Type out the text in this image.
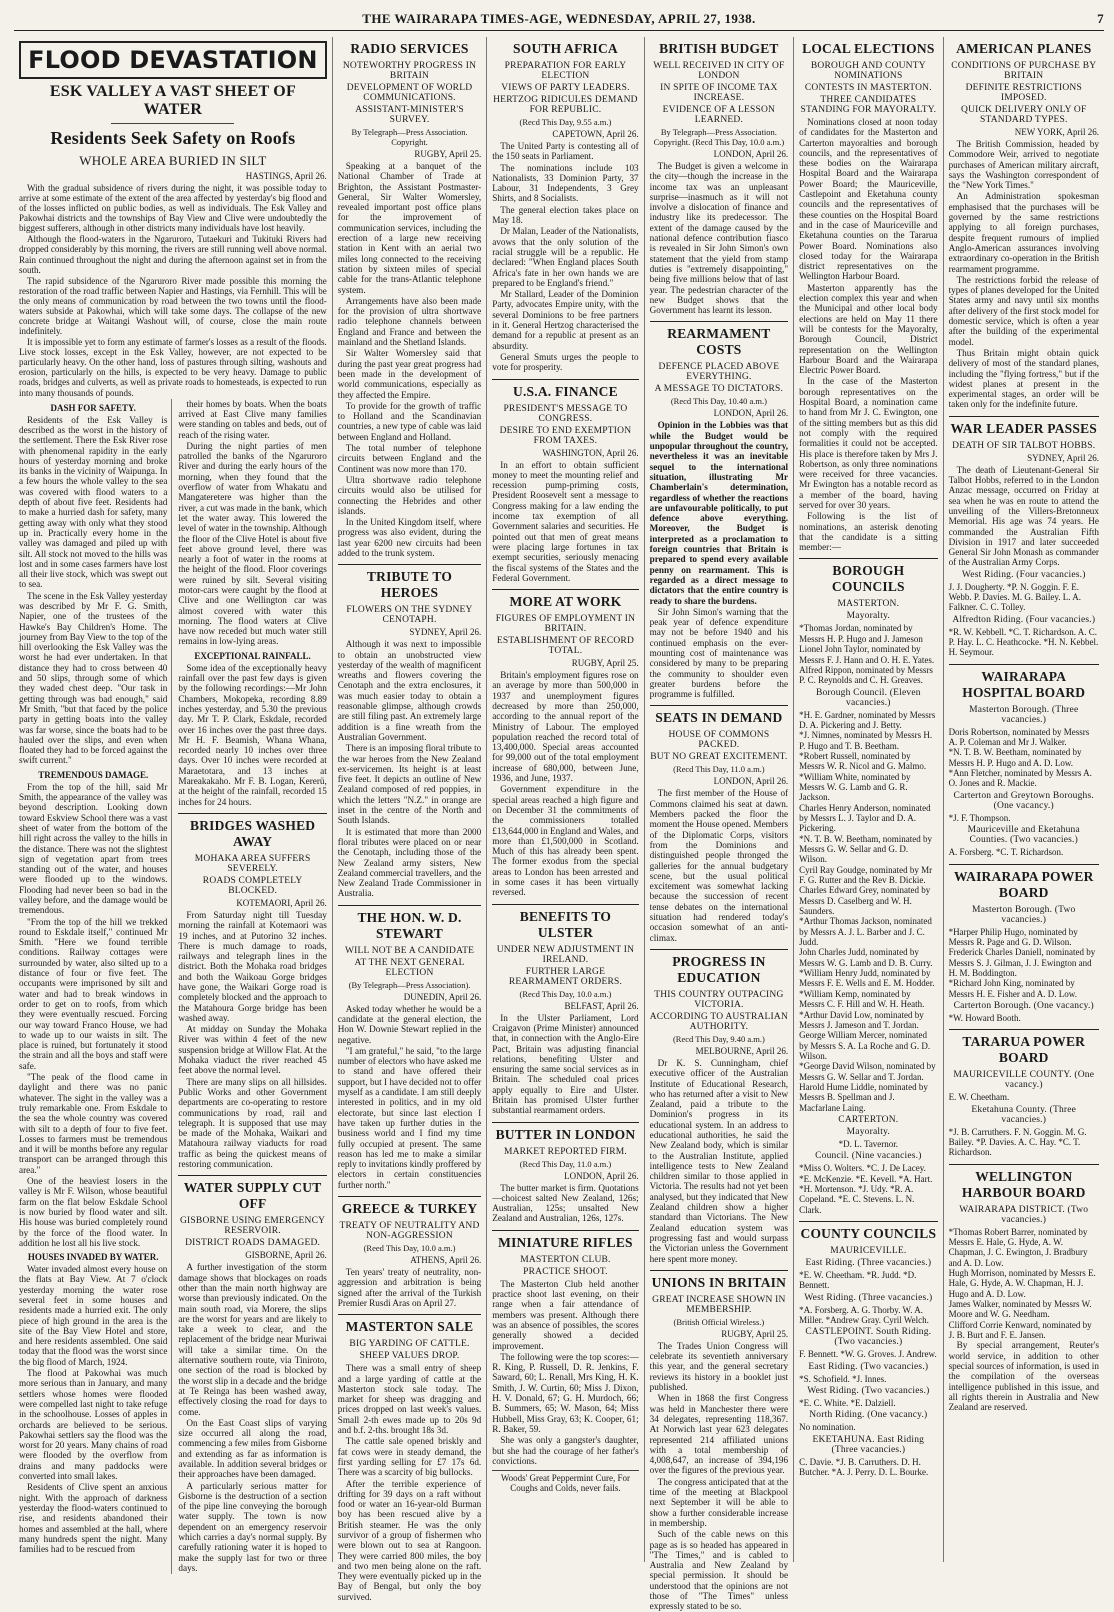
THE WAIRARAPA TIMES-AGE, WEDNESDAY, APRIL 27, 1938.	7
FLOOD DEVASTATION
ESK VALLEY A VAST SHEET OF WATER
Residents Seek Safety on Roofs
WHOLE AREA BURIED IN SILT
HASTINGS, April 26.

With the gradual subsidence of rivers during the night, it was possible today to arrive at some estimate of the extent of the area affected by yesterday's big flood and of the losses inflicted on public bodies, as well as individuals. The Esk Valley and Pakowhai districts and the townships of Bay View and Clive were undoubtedly the biggest sufferers, although in other districts many individuals have lost heavily.

Although the flood-waters in the Ngaruroro, Tutaekuri and Tukituki Rivers had dropped considerably by this morning, the rivers are still running well above normal. Rain continued throughout the night and during the afternoon against set in from the south.

The rapid subsidence of the Ngaruroro River made possible this morning the restoration of the road traffic between Napier and Hastings, via Fernhill. This will be the only means of communication by road between the two towns until the flood-waters subside at Pakowhai, which will take some days. The collapse of the new concrete bridge at Waitangi Washout will, of course, close the main route indefinitely.

It is impossible yet to form any estimate of farmer's losses as a result of the floods. Live stock losses, except in the Esk Valley, however, are not expected to be particularly heavy. On the other hand, loss of pastures through silting, washouts and erosion, particularly on the hills, is expected to be very heavy. Damage to public roads, bridges and culverts, as well as private roads to homesteads, is expected to run into many thousands of pounds.

DASH FOR SAFETY.

Residents of the Esk Valley is described as the worst in the history of the settlement. There the Esk River rose with phenomenal rapidity in the early hours of yesterday morning and broke its banks in the vicinity of Waipunga. In a few hours the whole valley to the sea was covered with flood waters to a depth of about five feet. Residents had to make a hurried dash for safety, many getting away with only what they stood up in. Practically every home in the valley was damaged and piled up with silt. All stock not moved to the hills was lost and in some cases farmers have lost all their live stock, which was swept out to sea.

The scene in the Esk Valley yesterday was described by Mr F. G. Smith, Napier, one of the trustees of the Hawke's Bay Children's Home. The journey from Bay View to the top of the hill overlooking the Esk Valley was the worst he had ever undertaken. In that distance they had to cross between 40 and 50 slips, through some of which they waded chest deep. "Our task in getting through was bad enough," said Mr Smith, "but that faced by the police party in getting boats into the valley was far worse, since the boats had to be hauled over the slips, and even when floated they had to be forced against the swift current."

TREMENDOUS DAMAGE.

From the top of the hill, said Mr Smith, the appearance of the valley was beyond description. Looking down toward Eskview School there was a vast sheet of water from the bottom of the hill right across the valley to the hills in the distance. There was not the slightest sign of vegetation apart from trees standing out of the water, and houses were flooded up to the windows. Flooding had never been so bad in the valley before, and the damage would be tremendous.

"From the top of the hill we trekked round to Eskdale itself," continued Mr Smith. "Here we found terrible conditions. Railway cottages were surrounded by water, also silted up to a distance of four or five feet. The occupants were imprisoned by silt and water and had to break windows in order to get on to roofs, from which they were eventually rescued. Forcing our way toward Franco House, we had to wade up to our waists in silt. The place is ruined, but fortunately it stood the strain and all the boys and staff were safe.

"The peak of the flood came in daylight and there was no panic whatever. The sight in the valley was a truly remarkable one. From Eskdale to the sea the whole country was covered with silt to a depth of four to five feet. Losses to farmers must be tremendous and it will be months before any regular transport can be arranged through this area."

One of the heaviest losers in the valley is Mr F. Wilson, whose beautiful farm on the flat below Eskdale School is now buried by flood water and silt. His house was buried completely round by the force of the flood water. In addition he lost all his live stock.

HOUSES INVADED BY WATER.

Water invaded almost every house on the flats at Bay View. At 7 o'clock yesterday morning the water rose several feet in some houses and residents made a hurried exit. The only piece of high ground in the area is the site of the Bay View Hotel and store, and here residents assembled. One said today that the flood was the worst since the big flood of March, 1924.

The flood at Pakowhai was much more serious than in January, and many settlers whose homes were flooded were compelled last night to take refuge in the schoolhouse. Losses of apples in orchards are believed to be serious. Pakowhai settlers say the flood was the worst for 20 years. Many chains of road were flooded by the overflow from drains and many paddocks were converted into small lakes.

Residents of Clive spent an anxious night. With the approach of darkness yesterday the flood-waters continued to rise, and residents abandoned their homes and assembled at the hall, where many hundreds spent the night. Many families had to be rescued from

their homes by boats. When the boats arrived at East Clive many families were standing on tables and beds, out of reach of the rising water.

During the night parties of men patrolled the banks of the Ngaruroro River and during the early hours of the morning, when they found that the overflow of water from Whakatu and Mangateretere was higher than the river, a cut was made in the bank, which let the water away. This lowered the level of water in the township. Although the floor of the Clive Hotel is about five feet above ground level, there was nearly a foot of water in the rooms at the height of the flood. Floor coverings were ruined by silt. Several visiting motor-cars were caught by the flood at Clive and one Wellington car was almost covered with water this morning. The flood waters at Clive have now receded but much water still remains in low-lying areas.

EXCEPTIONAL RAINFALL.

Some idea of the exceptionally heavy rainfall over the past few days is given by the following recordings:—Mr John Chambers, Mokopeka, recording 8.89 inches yesterday, and 5.30 the previous day. Mr T. P. Clark, Eskdale, recorded over 16 inches over the past three days. Mr H. F. Beamish, Whana Whana, recorded nearly 10 inches over three days. Over 10 inches were recorded at Maraetotara, and 13 inches at Mareakakaho. Mr F. B. Logan, Kererü, at the height of the rainfall, recorded 15 inches for 24 hours.

BRIDGES WASHED AWAY
MOHAKA AREA SUFFERS SEVERELY.
ROADS COMPLETELY BLOCKED.
KOTEMAORI, April 26.

From Saturday night till Tuesday morning the rainfall at Kotemaori was 19 inches, and at Putorino 32 inches. There is much damage to roads, railways and telegraph lines in the district. Both the Mohaka road bridges and both the Waikoau Gorge bridges have gone, the Waikari Gorge road is completely blocked and the approach to the Matahoura Gorge bridge has been washed away.

At midday on Sunday the Mohaka River was within 4 feet of the new suspension bridge at Willow Flat. At the Mohaka viaduct the river reached 45 feet above the normal level.

There are many slips on all hillsides. Public Works and other Government departments are co-operating to restore communications by road, rail and telegraph. It is supposed that use may be made of the Mohaka, Waikari and Matahoura railway viaducts for road traffic as being the quickest means of restoring communication.

WATER SUPPLY CUT OFF
GISBORNE USING EMERGENCY RESERVOIR.
DISTRICT ROADS DAMAGED.
GISBORNE, April 26.

A further investigation of the storm damage shows that blockages on roads other than the main north highway are worse than previously indicated. On the main south road, via Morere, the slips are the worst for years and are likely to take a week to clear, and the replacement of the bridge near Muriwai will take a similar time. On the alternative southern route, via Tiniroto, one section of the road is blocked by the worst slip in a decade and the bridge at Te Reinga has been washed away, effectively closing the road for days to come.

On the East Coast slips of varying size occurred all along the road, commencing a few miles from Gisborne and extending as far as information is available. In addition several bridges or their approaches have been damaged.

A particularly serious matter for Gisborne is the destruction of a section of the pipe line conveying the borough water supply. The town is now dependent on an emergency reservoir which carries a day's normal supply. By carefully rationing water it is hoped to make the supply last for two or three days.

RADIO SERVICES
NOTEWORTHY PROGRESS IN BRITAIN
DEVELOPMENT OF WORLD COMMUNICATIONS.
ASSISTANT-MINISTER'S SURVEY.
By Telegraph—Press Association. Copyright.
RUGBY, April 25.

Speaking at a banquet of the National Chamber of Trade at Brighton, the Assistant Postmaster-General, Sir Walter Womersley, revealed important post office plans for the improvement of communication services, including the erection of a large new receiving station in Kent with an aerial two miles long connected to the receiving station by sixteen miles of special cable for the trans-Atlantic telephone system.

Arrangements have also been made for the provision of ultra shortwave radio telephone channels between England and France and between the mainland and the Shetland Islands.

Sir Walter Womersley said that during the past year great progress had been made in the development of world communications, especially as they affected the Empire.

To provide for the growth of traffic to Holland and the Scandinavian countries, a new type of cable was laid between England and Holland.

The total number of telephone circuits between England and the Continent was now more than 170.

Ultra shortwave radio telephone circuits would also be utilised for connecting the Hebrides and other islands.

In the United Kingdom itself, where progress was also evident, during the last year 6200 new circuits had been added to the trunk system.

TRIBUTE TO HEROES
FLOWERS ON THE SYDNEY CENOTAPH.
SYDNEY, April 26.

Although it was next to impossible to obtain an unobstructed view yesterday of the wealth of magnificent wreaths and flowers covering the Cenotaph and the extra enclosures, it was much easier today to obtain a reasonable glimpse, although crowds are still filing past. An extremely large addition is a fine wreath from the Australian Government.

There is an imposing floral tribute to the war heroes from the New Zealand ex-servicemen. Its height is at least five feet. It depicts an outline of New Zealand composed of red poppies, in which the letters "N.Z." in orange are inset in the centre of the North and South Islands.

It is estimated that more than 2000 floral tributes were placed on or near the Cenotaph, including those of the New Zealand army sisters, New Zealand commercial travellers, and the New Zealand Trade Commissioner in Australia.

THE HON. W. D. STEWART
WILL NOT BE A CANDIDATE
AT THE NEXT GENERAL ELECTION
(By Telegraph—Press Association).
DUNEDIN, April 26.

Asked today whether he would be a candidate at the general election, the Hon W. Downie Stewart replied in the negative.

"I am grateful," he said, "to the large number of electors who have asked me to stand and have offered their support, but I have decided not to offer myself as a candidate. I am still deeply interested in politics, and in my old electorate, but since last election I have taken up further duties in the business world and I find my time fully occupied at present. The same reason has led me to make a similar reply to invitations kindly proffered by electors in certain constituencies further north."

GREECE & TURKEY
TREATY OF NEUTRALITY AND NON-AGGRESSION
(Reed This Day, 10.0 a.m.)
ATHENS, April 26.

Ten years' treaty of neutrality, non-aggression and arbitration is being signed after the arrival of the Turkish Premier Rusdi Aras on April 27.

MASTERTON SALE
BIG YARDING OF CATTLE.
SHEEP VALUES DROP.

There was a small entry of sheep and a large yarding of cattle at the Masterton stock sale today. The market for sheep was dragging and prices dropped on last week's values. Small 2-th ewes made up to 20s 9d and b.f. 2-ths. brought 18s 3d.

The cattle sale opened briskly and fat cows were in steady demand, the first yarding selling for £7 17s 6d. There was a scarcity of big bullocks.

After the terrible experience of drifting for 39 days on a raft without food or water an 16-year-old Burman boy has been rescued alive by a British steamer. He was the only survivor of a group of fishermen who were blown out to sea at Rangoon. They were carried 800 miles, the boy and two men being alone on the raft. They were eventually picked up in the Bay of Bengal, but only the boy survived.

SOUTH AFRICA
PREPARATION FOR EARLY ELECTION
VIEWS OF PARTY LEADERS.
HERTZOG RIDICULES DEMAND FOR REPUBLIC.
(Recd This Day, 9.55 a.m.)
CAPETOWN, April 26.

The United Party is contesting all of the 150 seats in Parliament.

The nominations include 103 Nationalists, 33 Dominion Party, 37 Labour, 31 Independents, 3 Grey Shirts, and 8 Socialists.

The general election takes place on May 18.

Dr Malan, Leader of the Nationalists, avows that the only solution of the racial struggle will be a republic. He declared: "When England places South Africa's fate in her own hands we are prepared to be England's friend."

Mr Stallard, Leader of the Dominion Party, advocates Empire unity, with the several Dominions to be free partners in it. General Hertzog characterised the demand for a republic at present as an absurdity.

General Smuts urges the people to vote for prosperity.

U.S.A. FINANCE
PRESIDENT'S MESSAGE TO CONGRESS.
DESIRE TO END EXEMPTION FROM TAXES.
WASHINGTON, April 26.

In an effort to obtain sufficient money to meet the mounting relief and recession pump-priming costs, President Roosevelt sent a message to Congress making for a law ending the income tax exemption of all Government salaries and securities. He pointed out that men of great means were placing large fortunes in tax exempt securities, seriously menacing the fiscal systems of the States and the Federal Government.

MORE AT WORK
FIGURES OF EMPLOYMENT IN BRITAIN.
ESTABLISHMENT OF RECORD TOTAL.
RUGBY, April 25.

Britain's employment figures rose on an average by more than 500,000 in 1937 and unemployment figures decreased by more than 250,000, according to the annual report of the Ministry of Labour. The employed population reached the record total of 13,400,000. Special areas accounted for 99,000 out of the total employment increase of 680,000, between June, 1936, and June, 1937.

Government expenditure in the special areas reached a high figure and on December 31 the commitments of the commissioners totalled £13,644,000 in England and Wales, and more than £1,500,000 in Scotland. Much of this has already been spent. The former exodus from the special areas to London has been arrested and in some cases it has been virtually reversed.

BENEFITS TO ULSTER
UNDER NEW ADJUSTMENT IN IRELAND.
FURTHER LARGE REARMAMENT ORDERS.
(Recd This Day, 10.0 a.m.)
BELFAST, April 26.

In the Ulster Parliament, Lord Craigavon (Prime Minister) announced that, in connection with the Anglo-Eire Pact, Britain was adjusting financial relations, benefiting Ulster and ensuring the same social services as in Britain. The scheduled coal prices apply equally to Eire and Ulster. Britain has promised Ulster further substantial rearmament orders.

BUTTER IN LONDON
MARKET REPORTED FIRM.
(Recd This Day, 11.0 a.m.)
LONDON, April 26.

The butter market is firm. Quotations—choicest salted New Zealand, 126s; Australian, 125s; unsalted New Zealand and Australian, 126s, 127s.

MINIATURE RIFLES
MASTERTON CLUB.
PRACTICE SHOOT.

The Masterton Club held another practice shoot last evening, on their range when a fair attendance of members was present. Although there was an absence of possibles, the scores generally showed a decided improvement.

The following were the top scores:—R. King, P. Russell, D. R. Jenkins, F. Saward, 60; L. Renall, Mrs King, H. K. Smith, J. W. Curtin, 60; Miss J. Dixon, H. V. Donald, 67; G. H. Murdoch, 66; B. Summers, 65; W. Mason, 64; Miss Hubbell, Miss Gray, 63; K. Cooper, 61; R. Baker, 59.

She was only a gangster's daughter, but she had the courage of her father's convictions.

Woods' Great Peppermint Cure, For Coughs and Colds, never fails.
BRITISH BUDGET
WELL RECEIVED IN CITY OF LONDON
IN SPITE OF INCOME TAX INCREASE.
EVIDENCE OF A LESSON LEARNED.
By Telegraph—Press Association. Copyright. (Recd This Day, 10.0 a.m.)
LONDON, April 26.

The Budget is given a welcome in the city—though the increase in the income tax was an unpleasant surprise—inasmuch as it will not involve a dislocation of finance and industry like its predecessor. The extent of the damage caused by the national defence contribution fiasco is revealed in Sir John Simon's own statement that the yield from stamp duties is "extremely disappointing," being five millions below that of last year. The pedestrian character of the new Budget shows that the Government has learnt its lesson.

REARMAMENT COSTS
DEFENCE PLACED ABOVE EVERYTHING.
A MESSAGE TO DICTATORS.
(Recd This Day, 10.40 a.m.)
LONDON, April 26.

Opinion in the Lobbies was that while the Budget would be unpopular throughout the country, nevertheless it was an inevitable sequel to the international situation, illustrating Mr Chamberlain's determination, regardless of whether the reactions are unfavourable politically, to put defence above everything. Moreover, the Budget is interpreted as a proclamation to foreign countries that Britain is prepared to spend every available penny on rearmament. This is regarded as a direct message to dictators that the entire country is ready to share the burdens.

Sir John Simon's warning that the peak year of defence expenditure may not be before 1940 and his continued emphasis on the ever-mounting cost of maintenance was considered by many to be preparing the community to shoulder even greater burdens before the programme is fulfilled.

SEATS IN DEMAND
HOUSE OF COMMONS PACKED.
BUT NO GREAT EXCITEMENT.
(Recd This Day, 11.0 a.m.)
LONDON, April 26.

The first member of the House of Commons claimed his seat at dawn. Members packed the floor the moment the House opened. Members of the Diplomatic Corps, visitors from the Dominions and distinguished people thronged the galleries for the annual budgetary scene, but the usual political excitement was somewhat lacking because the succession of recent tense debates on the international situation had rendered today's occasion somewhat of an anti-climax.

PROGRESS IN EDUCATION
THIS COUNTRY OUTPACING VICTORIA.
ACCORDING TO AUSTRALIAN AUTHORITY.
(Recd This Day, 9.40 a.m.)
MELBOURNE, April 26.

Dr K. S. Cunningham, chief executive officer of the Australian Institute of Educational Research, who has returned after a visit to New Zealand, paid a tribute to the Dominion's progress in its educational system. In an address to educational authorities, he said the New Zealand body, which is similar to the Australian Institute, applied intelligence tests to New Zealand children similar to those applied in Victoria. The results had not yet been analysed, but they indicated that New Zealand children show a higher standard than Victorians. The New Zealand education system was progressing fast and would surpass the Victorian unless the Government here spent more money.

UNIONS IN BRITAIN
GREAT INCREASE SHOWN IN MEMBERSHIP.
(British Official Wireless.)
RUGBY, April 25.

The Trades Union Congress will celebrate its seventieth anniversary this year, and the general secretary reviews its history in a booklet just published.

When in 1868 the first Congress was held in Manchester there were 34 delegates, representing 118,367. At Norwich last year 623 delegates represented 214 affiliated unions with a total membership of 4,008,647, an increase of 394,196 over the figures of the previous year.

The congress anticipated that at the time of the meeting at Blackpool next September it will be able to show a further considerable increase in membership.

Such of the cable news on this page as is so headed has appeared in "The Times," and is cabled to Australia and New Zealand by special permission. It should be understood that the opinions are not those of "The Times" unless expressly stated to be so.

LOCAL ELECTIONS
BOROUGH AND COUNTY NOMINATIONS
CONTESTS IN MASTERTON.
THREE CANDIDATES STANDING FOR MAYORALTY.

Nominations closed at noon today of candidates for the Masterton and Carterton mayoralties and borough councils, and the representatives of these bodies on the Wairarapa Hospital Board and the Wairarapa Power Board; the Mauriceville, Castlepoint and Eketahuna county councils and the representatives of these counties on the Hospital Board and in the case of Mauriceville and Eketahuna counties on the Tararua Power Board. Nominations also closed today for the Wairarapa district representatives on the Wellington Harbour Board.

Masterton apparently has the election complex this year and when the Municipal and other local body elections are held on May 11 there will be contests for the Mayoralty, Borough Council, District representation on the Wellington Harbour Board and the Wairarapa Electric Power Board.

In the case of the Masterton borough representatives on the Hospital Board, a nomination came to hand from Mr J. C. Ewington, one of the sitting members but as this did not comply with the required formalities it could not be accepted. His place is therefore taken by Mrs J. Robertson, as only three nominations were received for three vacancies. Mr Ewington has a notable record as a member of the board, having served for over 30 years.

Following is the list of nominations, an asterisk denoting that the candidate is a sitting member:—

BOROUGH COUNCILS
MASTERTON.
Mayoralty.

*Thomas Jordan, nominated by Messrs H. P. Hugo and J. Jameson

Lionel John Taylor, nominated by Messrs F. J. Hann and O. H. E. Yates.

Alfred Rippon, nominated by Messrs P. C. Reynolds and C. H. Greaves.

Borough Council. (Eleven vacancies.)

*H. E. Gardner, nominated by Messrs D. A. Pickering and J. Betty.

*J. Nimnes, nominated by Messrs H. P. Hugo and T. B. Beetham.

*Robert Russell, nominated by Messrs W. R. Nicol and G. Malmo.

*William White, nominated by Messrs W. G. Lamb and G. R. Jackson.

Charles Henry Anderson, nominated by Messrs L. J. Taylor and D. A. Pickering.

*N. T. B. W. Beetham, nominated by Messrs G. W. Sellar and G. D. Wilson.

Cyril Ray Goudge, nominated by Mr F. G. Rutter and the Rev B. Dickie.

Charles Edward Grey, nominated by Messrs D. Caselberg and W. H. Saunders.

*Arthur Thomas Jackson, nominated by Messrs A. J. L. Barber and J. C. Judd.

John Charles Judd, nominated by Messrs W. G. Lamb and D. B. Curry.

*William Henry Judd, nominated by Messrs F. E. Wells and E. M. Hodder.

*William Kemp, nominated by Messrs C. F. Hill and W. H. Heath.

*Arthur David Low, nominated by Messrs J. Jameson and T. Jordan.

George William Mercer, nominated by Messrs S. A. La Roche and G. D. Wilson.

*George David Wilson, nominated by Messrs G. W. Sellar and T. Jordan.

Harold Hume Liddle, nominated by Messrs B. Spellman and J. Macfarlane Laing.

CARTERTON.
Mayoralty.

*D. L. Tavernor.

Council. (Nine vacancies.)

*Miss O. Wolters. *C. J. De Lacey. *E. McKenzie. *E. Kevell. *A. Hart. *H. Mortenson. *J. Udy. *R. A. Copeland. *E. C. Stevens. L. N. Clark.

COUNTY COUNCILS
MAURICEVILLE.
East Riding. (Three vacancies.)

*E. W. Cheetham. *R. Judd. *D. Bennett.

West Riding. (Three vacancies.)

*A. Forsberg. A. G. Thorby. W. A. Miller. *Andrew Gray. Cyril Welch.

CASTLEPOINT. South Riding. (Two vacancies.)

F. Bennett. *W. G. Groves. J. Andrew.

East Riding. (Two vacancies.)

*S. Schofield. *J. Innes.

West Riding. (Two vacancies.)

*E. C. White. *E. Dalziell.

North Riding. (One vacancy.)

No nomination.

EKETAHUNA. East Riding (Three vacancies.)

C. Davie. *J. B. Carruthers. D. H. Butcher. *A. J. Perry. D. L. Bourke.

AMERICAN PLANES
CONDITIONS OF PURCHASE BY BRITAIN
DEFINITE RESTRICTIONS IMPOSED.
QUICK DELIVERY ONLY OF STANDARD TYPES.
NEW YORK, April 26.

The British Commission, headed by Commodore Weir, arrived to negotiate purchases of American military aircraft, says the Washington correspondent of the "New York Times."

An Administration spokesman emphasised that the purchases will be governed by the same restrictions applying to all foreign purchases, despite frequent rumours of implied Anglo-American assurances involving extraordinary co-operation in the British rearmament programme.

The restrictions forbid the release of types of planes developed for the United States army and navy until six months after delivery of the first stock model for domestic service, which is often a year after the building of the experimental model.

Thus Britain might obtain quick delivery of most of the standard planes, including the "flying fortress," but if the widest planes at present in the experimental stages, an order will be taken only for the indefinite future.

WAR LEADER PASSES
DEATH OF SIR TALBOT HOBBS.
SYDNEY, April 26.

The death of Lieutenant-General Sir Talbot Hobbs, referred to in the London Anzac message, occurred on Friday at sea when he was en route to attend the unveiling of the Villers-Bretonneux Memorial. His age was 74 years. He commanded the Australian Fifth Division in 1917 and later succeeded General Sir John Monash as commander of the Australian Army Corps.

West Riding. (Four vacancies.)

J. J. Dougherty. *P. N. Goggin. F. E. Webb. P. Davies. M. G. Bailey. L. A. Falkner. C. C. Tolley.

Alfredton Riding. (Four vacancies.)

*R. W. Kebbell. *C. T. Richardson. A. C. P. Hay. L. C. Heathcocke. *H. N. Kebbel. H. Seymour.

WAIRARAPA HOSPITAL BOARD
Masterton Borough. (Three vacancies.)

Doris Robertson, nominated by Messrs A. P. Coleman and Mr J. Walker.

*N. T. B. W. Beetham, nominated by Messrs H. P. Hugo and A. D. Low.

*Ann Fletcher, nominated by Messrs A. O. Jones and R. Mackie.

Carterton and Greytown Boroughs. (One vacancy.)

*J. F. Thompson.

Mauriceville and Eketahuna Counties. (Two vacancies.)

A. Forsberg. *C. T. Richardson.

WAIRARAPA POWER BOARD
Masterton Borough. (Two vacancies.)

*Harper Philip Hugo, nominated by Messrs R. Page and G. D. Wilson.

Frederick Charles Daniell, nominated by Messrs S. J. Gilman, J. J. Ewington and H. M. Boddington.

*Richard John King, nominated by Messrs H. E. Fisher and A. D. Low.

Carterton Borough. (One vacancy.)

*W. Howard Booth.

TARARUA POWER BOARD
MAURICEVILLE COUNTY. (One vacancy.)

E. W. Cheetham.

Eketahuna County. (Three vacancies.)

*J. B. Carruthers. F. N. Goggin. M. G. Bailey. *P. Davies. A. C. Hay. *C. T. Richardson.

WELLINGTON HARBOUR BOARD
WAIRARAPA DISTRICT. (Two vacancies.)

*Thomas Robert Barrer, nominated by Messrs E. Hale, G. Hyde, A. W. Chapman, J. C. Ewington, J. Bradbury and A. D. Low.

Hugh Morrison, nominated by Messrs E. Hale, G. Hyde, A. W. Chapman, H. J. Hugo and A. D. Low.

James Walker, nominated by Messrs W. Moore and W. G. Needham.

Clifford Corrie Kenward, nominated by J. B. Burt and F. E. Jansen.

By special arrangement, Reuter's world service, in addition to other special sources of information, is used in the compilation of the overseas intelligence published in this issue, and all rights therein in Australia and New Zealand are reserved.
